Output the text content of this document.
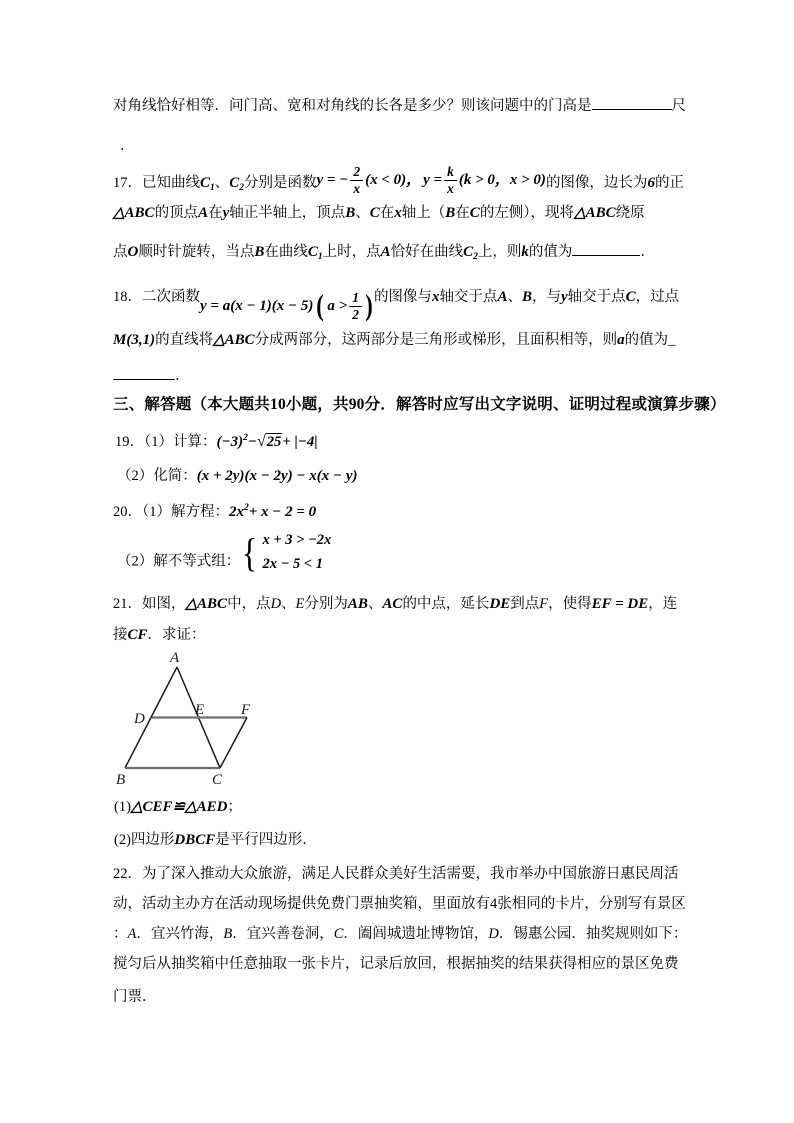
对角线恰好相等．问门高、宽和对角线的长各是多少？则该问题中的门高是	尺
．
17．已知曲线$C_1$、$C_2$分别是函数 y = − $\frac{2}{x} (x < 0)$， $y = \frac{k}{x} (k > 0$，x > 0) 的图像，边长为6的正
△ABC的顶点A在y轴正半轴上，顶点B、C在x轴上（B在C的左侧），现将△ABC绕原
点O顺时针旋转，当点B在曲线$C_1$上时，点A恰好在曲线$C_2$上，则k的值为	．
18．二次函数
y = a(x − 1)(x − 5) ( $a > \frac{1}{2}$ ) 的图像与x轴交于点A、B，与y轴交于点C，过点
M(3,1)的直线将△ABC分成两部分，这两部分是三角形或梯形，且面积相等，则a的值为_
．
三、解答题（本大题共10小题，共90分．解答时应写出文字说明、证明过程或演算步骤）
19．（1）计算：$(-3)^2-√25+ |-4|$
（2）化简：(x + 2y)(x − 2y) − x(x − y)
20．（1）解方程：$2x^2+ x - 2 = 0$
（2）解不等式组： { x + 3 > −2x
2x − 5 < 1
21．如图，△ABC中，点D、E分别为AB、AC的中点，延长DE到点F，使得EF = DE，连
接CF．求证：
A
B	C
D
E F
(1)△CEF≌△AED；
(2)四边形DBCF是平行四边形．
22．为了深入推动大众旅游，满足人民群众美好生活需要，我市举办中国旅游日惠民周活
动，活动主办方在活动现场提供免费门票抽奖箱，里面放有4张相同的卡片，分别写有景区
：A．宜兴竹海，B．宜兴善卷洞，C．阖闾城遗址博物馆，D．锡惠公园．抽奖规则如下：
搅匀后从抽奖箱中任意抽取一张卡片，记录后放回，根据抽奖的结果获得相应的景区免费
门票．
